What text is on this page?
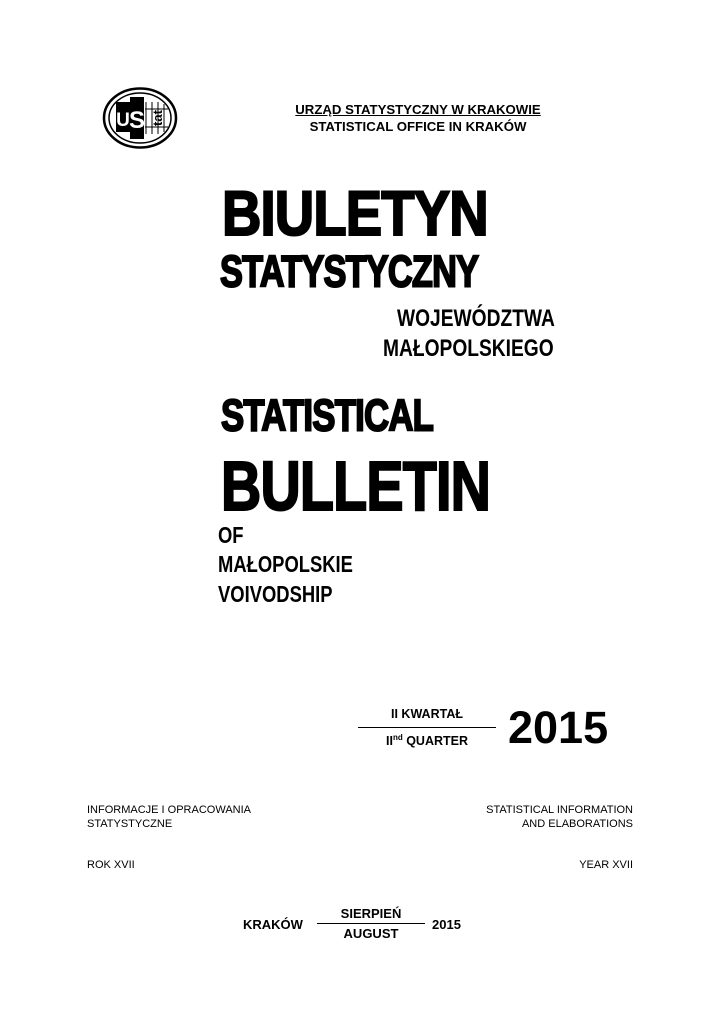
U S tat
URZĄD STATYSTYCZNY W KRAKOWIE
STATISTICAL OFFICE IN KRAKÓW
BIULETYN
STATYSTYCZNY
WOJEWÓDZTWA
MAŁOPOLSKIEGO
STATISTICAL
BULLETIN
OF
MAŁOPOLSKIE
VOIVODSHIP
II KWARTAŁ
IInd QUARTER 2015
INFORMACJE I OPRACOWANIA
STATYSTYCZNE
STATISTICAL INFORMATION
AND ELABORATIONS
ROK XVII	YEAR XVII
KRAKÓW
SIERPIEŃ
AUGUST
2015
